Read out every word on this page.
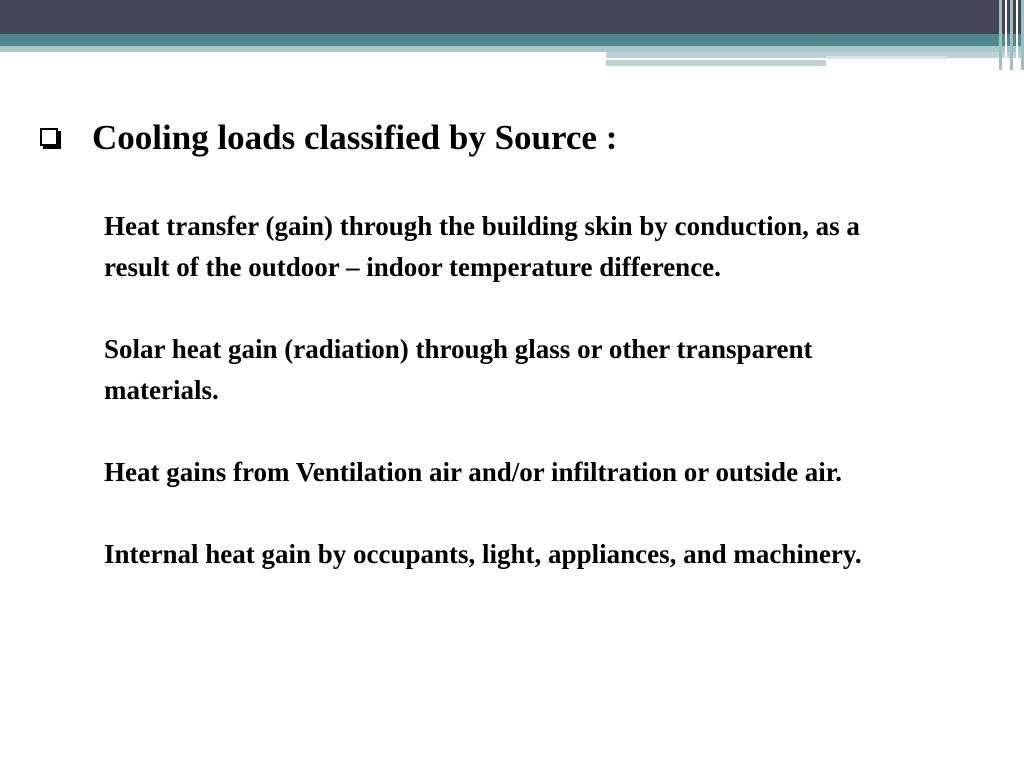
Cooling loads classified by Source :

Heat transfer (gain) through the building skin by conduction, as a result of the outdoor – indoor temperature difference.

Solar heat gain (radiation) through glass or other transparent materials.

Heat gains from Ventilation air and/or infiltration or outside air.

Internal heat gain by occupants, light, appliances, and machinery.
